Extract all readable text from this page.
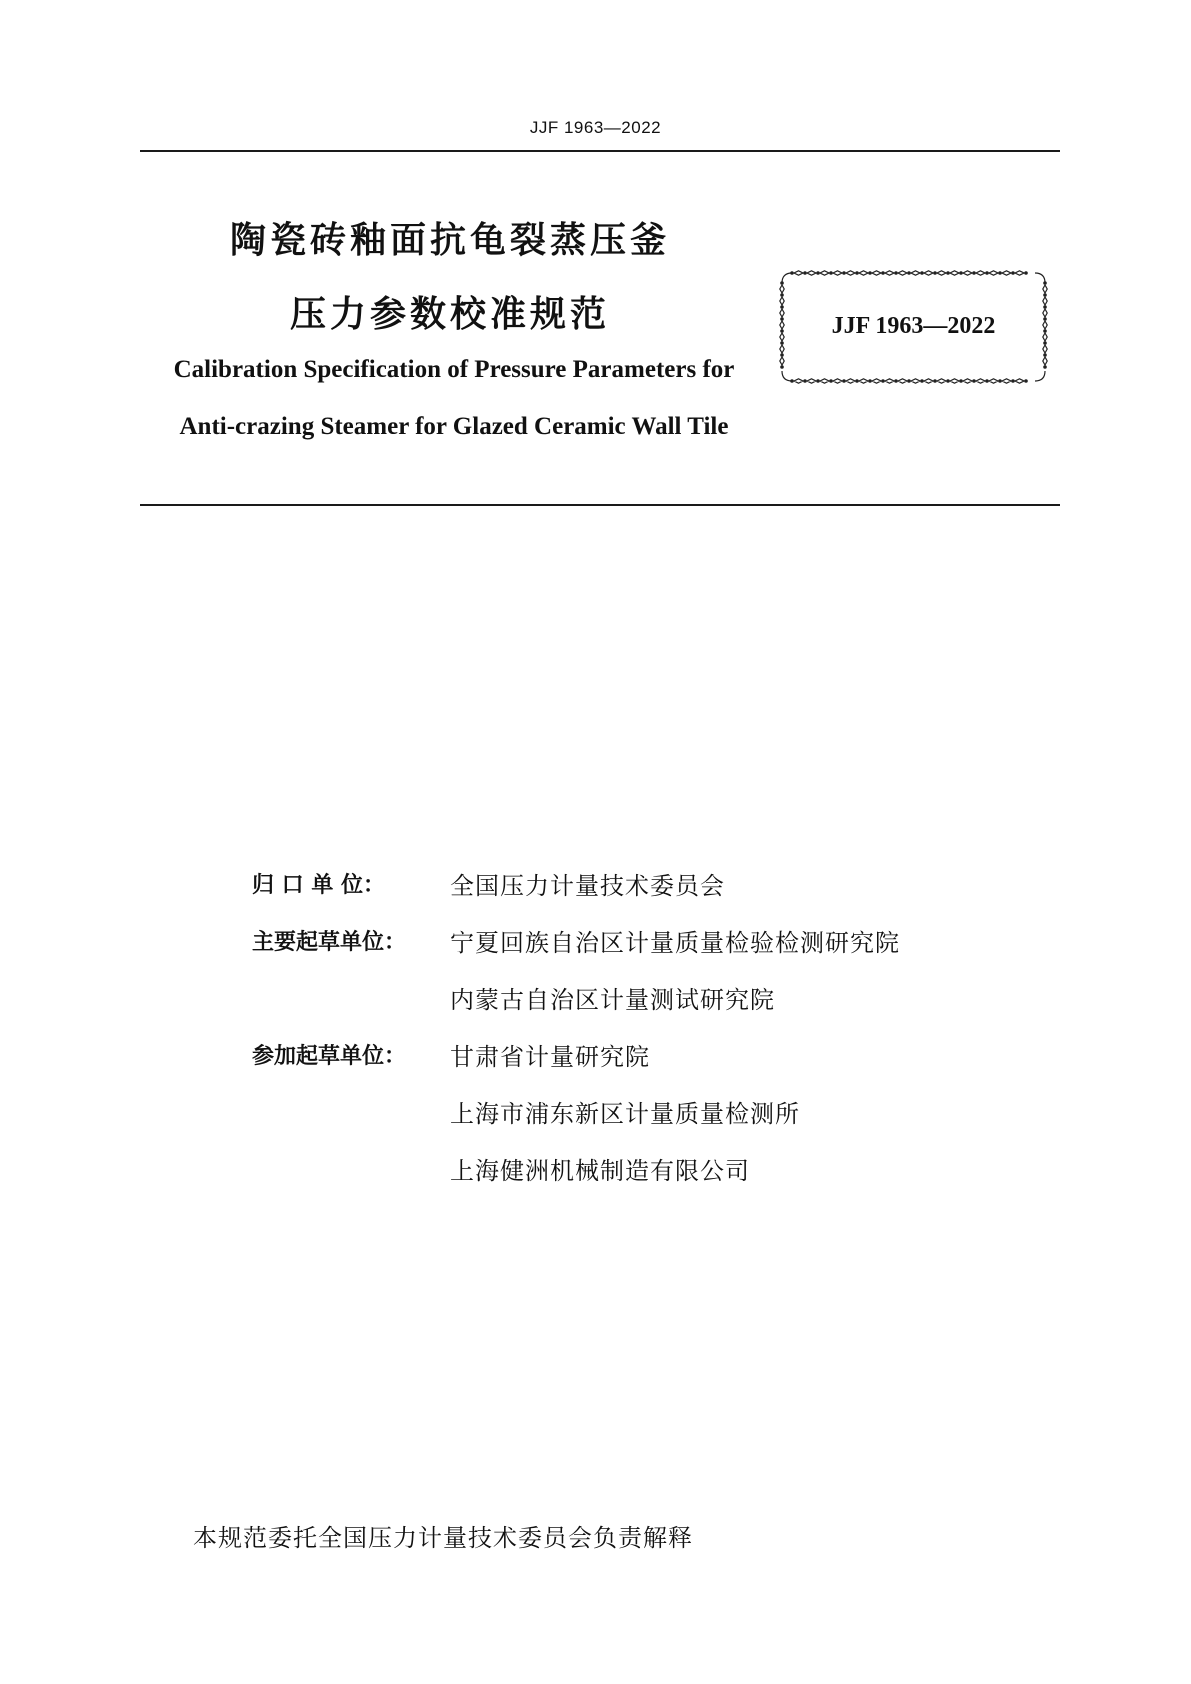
JJF 1963—2022
陶瓷砖釉面抗龟裂蒸压釜
压力参数校准规范
Calibration Specification of Pressure Parameters for
Anti-crazing Steamer for Glazed Ceramic Wall Tile
JJF 1963—2022
归 口 单 位：	全国压力计量技术委员会
主要起草单位：	宁夏回族自治区计量质量检验检测研究院
内蒙古自治区计量测试研究院
参加起草单位：	甘肃省计量研究院
上海市浦东新区计量质量检测所
上海健洲机械制造有限公司
本规范委托全国压力计量技术委员会负责解释
